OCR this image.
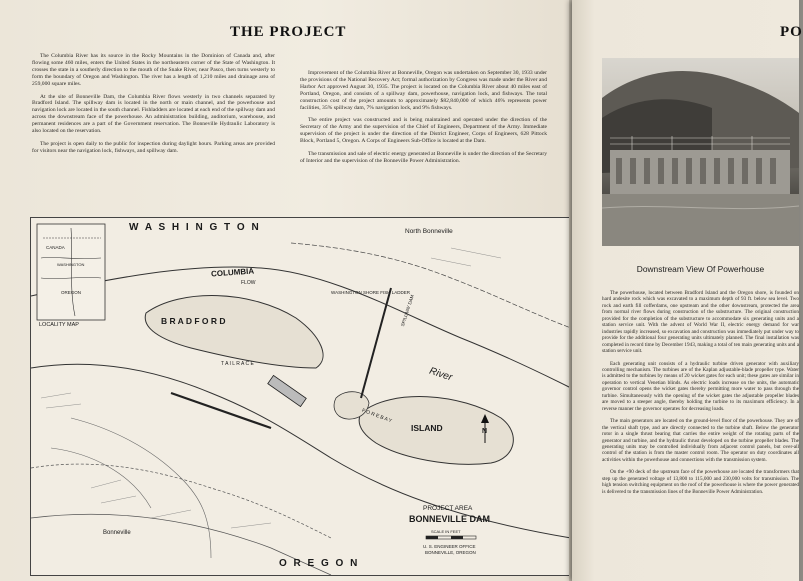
THE PROJECT

The Columbia River has its source in the Rocky Mountains in the Dominion of Canada and, after flowing some 460 miles, enters the United States in the northeastern corner of the State of Washington. It crosses the state in a southerly direction to the mouth of the Snake River, near Pasco, then turns westerly to form the boundary of Oregon and Washington. The river has a length of 1,210 miles and drainage area of 259,000 square miles.

At the site of Bonneville Dam, the Columbia River flows westerly in two channels separated by Bradford Island. The spillway dam is located in the north or main channel, and the powerhouse and navigation lock are located in the south channel. Fishladders are located at each end of the spillway dam and across the downstream face of the powerhouse. An administration building, auditorium, warehouse, and permanent residences are a part of the Government reservation. The Bonneville Hydraulic Laboratory is also located on the reservation.

The project is open daily to the public for inspection during daylight hours. Parking areas are provided for visitors near the navigation lock, fishways, and spillway dam.

Improvement of the Columbia River at Bonneville, Oregon was undertaken on September 30, 1933 under the provisions of the National Recovery Act; formal authorization by Congress was made under the River and Harbor Act approved August 30, 1935. The project is located on the Columbia River about 40 miles east of Portland, Oregon, and consists of a spillway dam, powerhouse, navigation lock, and fishways. The total construction cost of the project amounts to approximately $82,840,000 of which 46% represents power facilities, 35% spillway dam, 7% navigation lock, and 9% fishways.

The entire project was constructed and is being maintained and operated under the direction of the Secretary of the Army and the supervision of the Chief of Engineers, Department of the Army. Immediate supervision of the project is under the direction of the District Engineer, Corps of Engineers, 628 Pittock Block, Portland 5, Oregon. A Corps of Engineers Sub-Office is located at the Dam.

The transmission and sale of electric energy generated at Bonneville is under the direction of the Secretary of Interior and the supervision of the Bonneville Power Administration.

W A S H I N G T O N
COLUMBIA
River
B R A D F O R D
ISLAND
North Bonneville
Bonneville
O R E G O N
T A I L R A C E
F O R E B A Y
FLOW
WASHINGTON SHORE FISH LADDER
SPILLWAY DAM
N
CANADA
WASHINGTON
OREGON
LOCALITY MAP
PROJECT AREA
BONNEVILLE DAM
SCALE IN FEET
U. S. ENGINEER OFFICE
BONNEVILLE, OREGON
PO
Downstream View Of Powerhouse

The powerhouse, located between Bradford Island and the Oregon shore, is founded on hard andesite rock which was excavated to a maximum depth of 93 ft. below sea level. Two rock and earth fill cofferdams, one upstream and the other downstream, protected the area from normal river flows during construction of the substructure. The original construction provided for the completion of the substructure to accommodate six generating units and a station service unit. With the advent of World War II, electric energy demand for war industries rapidly increased, so excavation and construction was immediately put under way to provide for the additional four generating units ultimately planned. The final installation was completed in record time by December 1943, making a total of ten main generating units and a station service unit.

Each generating unit consists of a hydraulic turbine driven generator with auxiliary controlling mechanism. The turbines are of the Kaplan adjustable-blade propeller type. Water is admitted to the turbines by means of 20 wicket gates for each unit; these gates are similar in operation to vertical Venetian blinds. As electric loads increase on the units, the automatic governor control opens the wicket gates thereby permitting more water to pass through the turbine. Simultaneously with the opening of the wicket gates the adjustable propeller blades are moved to a steeper angle, thereby holding the turbine to its maximum efficiency. In a reverse manner the governor operates for decreasing loads.

The main generators are located on the ground-level floor of the powerhouse. They are of the vertical shaft type, and are directly connected to the turbine shaft. Below the generator rotor in a single thrust bearing that carries the entire weight of the rotating parts of the generator and turbine, and the hydraulic thrust developed on the turbine propeller blades. The generating units may be controlled individually from adjacent control panels, but over-all control of the station is from the master control room. The operator on duty coordinates all activities within the powerhouse and connections with the transmission system.

On the +90 deck of the upstream face of the powerhouse are located the transformers that step up the generated voltage of 13,800 to 115,000 and 230,000 volts for transmission. The high tension switching equipment on the roof of the powerhouse is where the power generated is delivered to the transmission lines of the Bonneville Power Administration.
